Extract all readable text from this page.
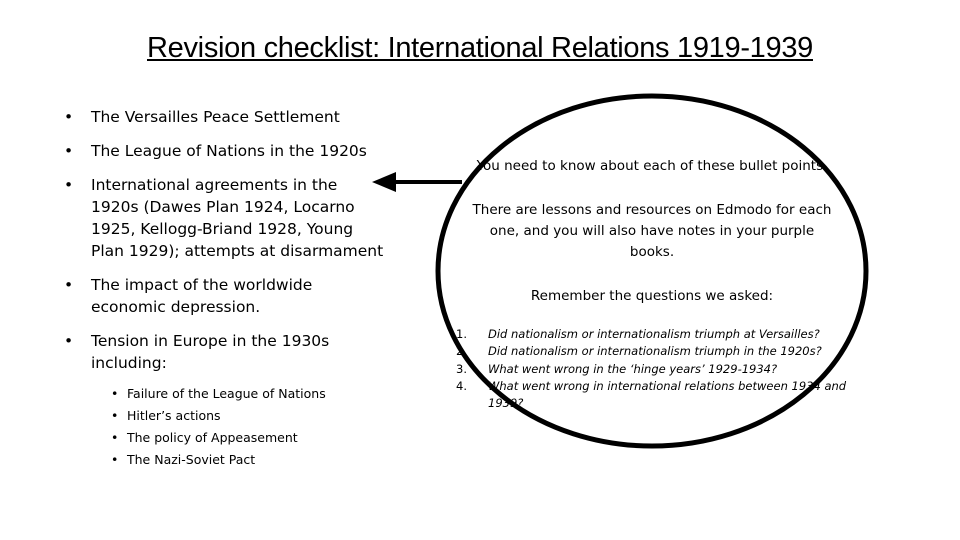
Revision checklist: International Relations 1919-1939
• The Versailles Peace Settlement
• The League of Nations in the 1920s
• International agreements in the
1920s (Dawes Plan 1924, Locarno
1925, Kellogg-Briand 1928, Young
Plan 1929); attempts at disarmament
• The impact of the worldwide
economic depression.
• Tension in Europe in the 1930s
including:
• Failure of the League of Nations
• Hitler’s actions
• The policy of Appeasement
• The Nazi-Soviet Pact
You need to know about each of these bullet points.
There are lessons and resources on Edmodo for each
one, and you will also have notes in your purple
books.
Remember the questions we asked:
1.	Did nationalism or internationalism triumph at Versailles?
2.	Did nationalism or internationalism triumph in the 1920s?
3.	What went wrong in the ‘hinge years’ 1929-1934?
4.	What went wrong in international relations between 1934 and 1939?
